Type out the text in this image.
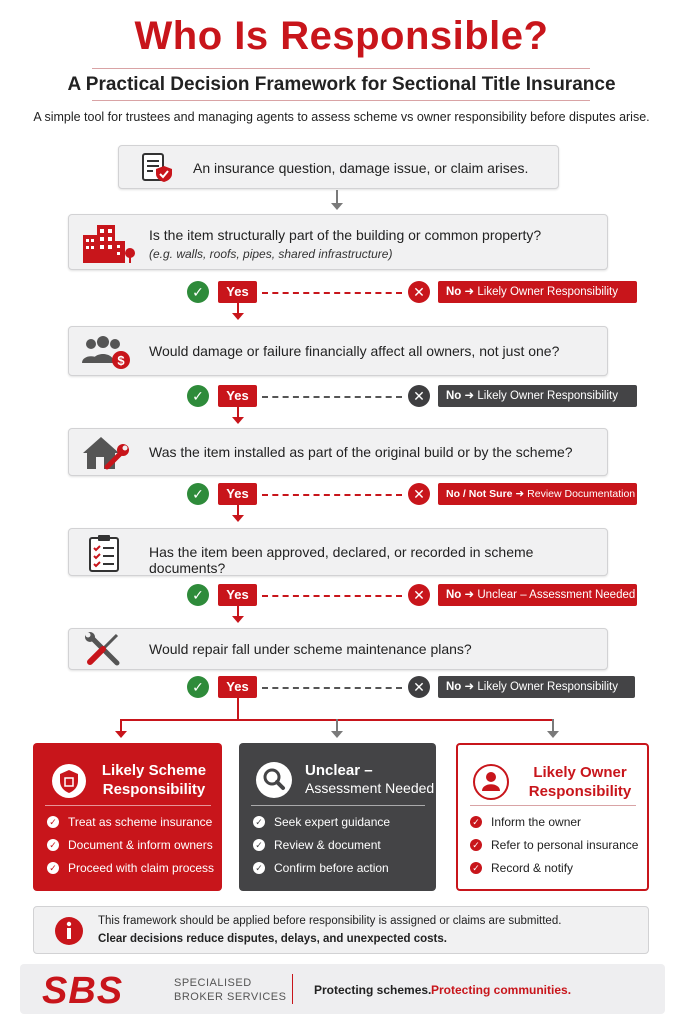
Who Is Responsible?
A Practical Decision Framework for Sectional Title Insurance
A simple tool for trustees and managing agents to assess scheme vs owner responsibility before disputes arise.
An insurance question, damage issue, or claim arises.
Is the item structurally part of the building or common property?
(e.g. walls, roofs, pipes, shared infrastructure)
✓	Yes	✕	No ➜ Likely Owner Responsibility
$
Would damage or failure financially affect all owners, not just one?
✓	Yes	✕	No ➜ Likely Owner Responsibility
Was the item installed as part of the original build or by the scheme?
✓	Yes	✕	No / Not Sure ➜ Review Documentation
Has the item been approved, declared, or recorded in scheme documents?
✓	Yes	✕	No ➜ Unclear – Assessment Needed
Would repair fall under scheme maintenance plans?
✓	Yes	✕	No ➜ Likely Owner Responsibility
Likely Scheme Responsibility
✓ Treat as scheme insurance
✓ Document & inform owners
✓ Proceed with claim process
Unclear –
Assessment Needed
✓ Seek expert guidance
✓ Review & document
✓ Confirm before action
Likely Owner Responsibility
✓ Inform the owner
✓ Refer to personal insurance
✓ Record & notify
This framework should be applied before responsibility is assigned or claims are submitted.
Clear decisions reduce disputes, delays, and unexpected costs.
SBS	SPECIALISED
BROKER SERVICES Protecting schemes. Protecting communities.
